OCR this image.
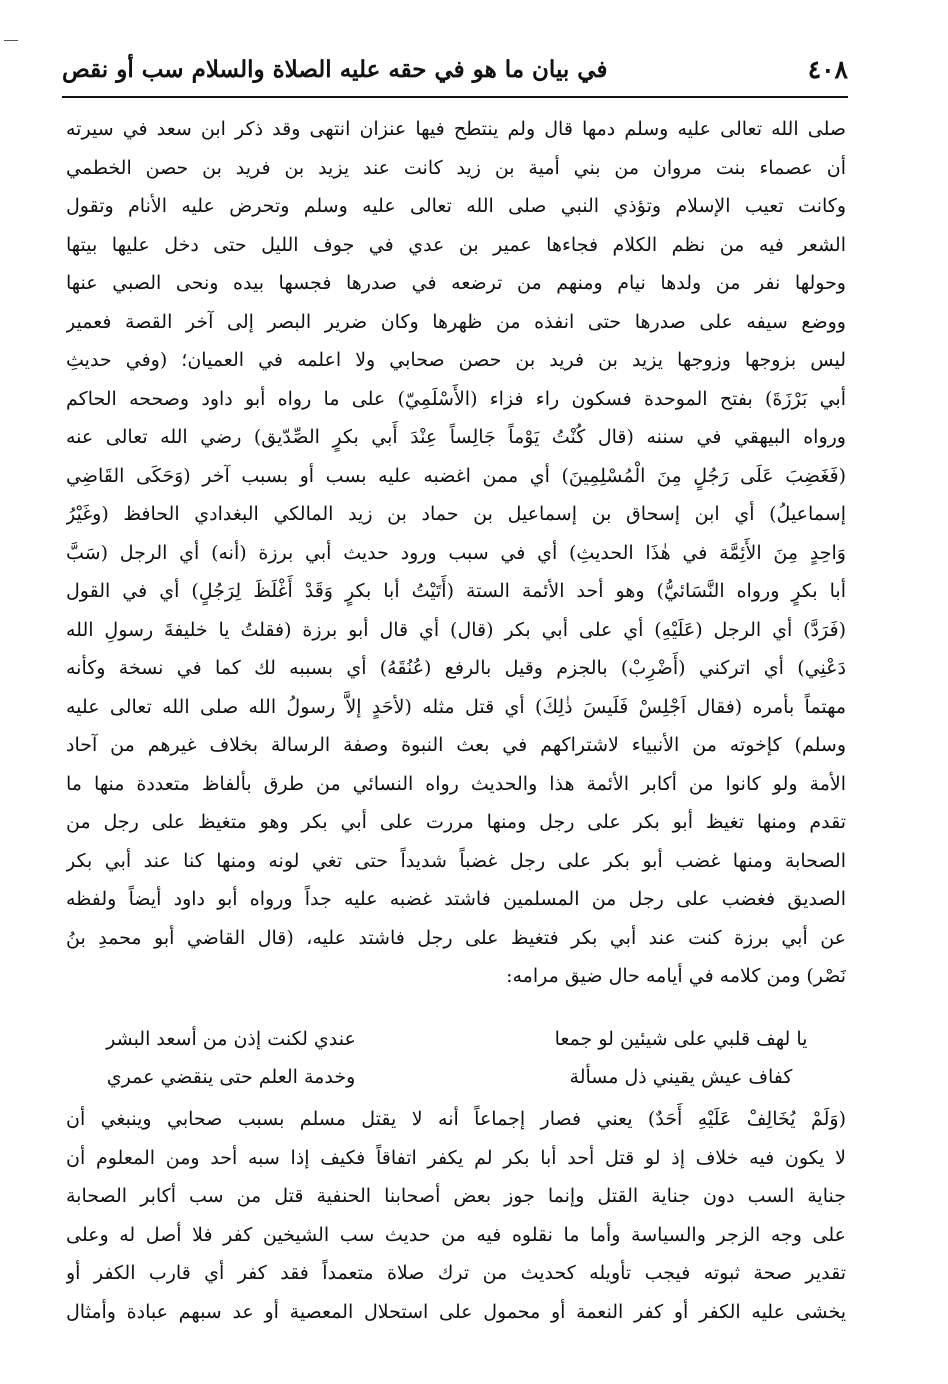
٤٠٨
في بيان ما هو في حقه عليه الصلاة والسلام سب أو نقص
صلى الله تعالى عليه وسلم دمها قال ولم ينتطح فيها عنزان انتهى وقد ذكر ابن سعد في سيرته
أن عصماء بنت مروان من بني أمية بن زيد كانت عند يزيد بن فريد بن حصن الخطمي
وكانت تعيب الإسلام وتؤذي النبي صلى الله تعالى عليه وسلم وتحرض عليه الأنام وتقول
الشعر فيه من نظم الكلام فجاءها عمير بن عدي في جوف الليل حتى دخل عليها بيتها
وحولها نفر من ولدها نيام ومنهم من ترضعه في صدرها فجسها بيده ونحى الصبي عنها
ووضع سيفه على صدرها حتى انفذه من ظهرها وكان ضرير البصر إلى آخر القصة فعمير
ليس بزوجها وزوجها يزيد بن فريد بن حصن صحابي ولا اعلمه في العميان؛ (وفي حديثِ
أبي بَرْزَةَ) بفتح الموحدة فسكون راء فزاء (الأَسْلَمِيّ) على ما رواه أبو داود وصححه الحاكم
ورواه البيهقي في سننه (قال كُنْتُ يَوْماً جَالِساً عِنْدَ أَبي بكرٍ الصِّدّيق) رضي الله تعالى عنه
(فَغَضِبَ عَلَى رَجُلٍ مِنَ الْمُسْلِمِينَ) أي ممن اغضبه عليه بسب أو بسبب آخر (وَحَكَى القَاضِي
إسماعيلُ) أي ابن إسحاق بن إسماعيل بن حماد بن زيد المالكي البغدادي الحافظ (وغَيْرُ
وَاحِدٍ مِنَ الأَئِمَّة في هٰذَا الحديثِ) أي في سبب ورود حديث أبي برزة (أنه) أي الرجل (سَبَّ
أبا بكرٍ ورواه النَّسَائيُّ) وهو أحد الأئمة الستة (أَتَيْتُ أبا بكرٍ وَقَدْ أَغْلَظَ لِرَجُلٍ) أي في القول
(فَرَدَّ) أي الرجل (عَلَيْهِ) أي على أبي بكر (قال) أي قال أبو برزة (فقلتُ يا خليفةَ رسولِ الله
دَعْنِي) أي اتركني (أَضْرِبْ) بالجزم وقيل بالرفع (عُنُقَهُ) أي بسببه لك كما في نسخة وكأنه
مهتماً بأمره (فقال اَجْلِسْ فَلَيسَ ذٰلِكَ) أي قتل مثله (لأحَدٍ إلاَّ رسولُ الله صلى الله تعالى عليه
وسلم) كإخوته من الأنبياء لاشتراكهم في بعث النبوة وصفة الرسالة بخلاف غيرهم من آحاد
الأمة ولو كانوا من أكابر الأئمة هذا والحديث رواه النسائي من طرق بألفاظ متعددة منها ما
تقدم ومنها تغيظ أبو بكر على رجل ومنها مررت على أبي بكر وهو متغيظ على رجل من
الصحابة ومنها غضب أبو بكر على رجل غضباً شديداً حتى تغي لونه ومنها كنا عند أبي بكر
الصديق فغضب على رجل من المسلمين فاشتد غضبه عليه جداً ورواه أبو داود أيضاً ولفظه
عن أبي برزة كنت عند أبي بكر فتغيظ على رجل فاشتد عليه، (قال القاضي أبو محمدِ بنُ
نَصْر) ومن كلامه في أيامه حال ضيق مرامه:
يا لهف قلبي على شيئين لو جمعا
عندي لكنت إذن من أسعد البشر
كفاف عيش يقيني ذل مسألة
وخدمة العلم حتى ينقضي عمري
(وَلَمْ يُخَالِفْ عَلَيْهِ أَحَدٌ) يعني فصار إجماعاً أنه لا يقتل مسلم بسبب صحابي وينبغي أن
لا يكون فيه خلاف إذ لو قتل أحد أبا بكر لم يكفر اتفاقاً فكيف إذا سبه أحد ومن المعلوم أن
جناية السب دون جناية القتل وإنما جوز بعض أصحابنا الحنفية قتل من سب أكابر الصحابة
على وجه الزجر والسياسة وأما ما نقلوه فيه من حديث سب الشيخين كفر فلا أصل له وعلى
تقدير صحة ثبوته فيجب تأويله كحديث من ترك صلاة متعمداً فقد كفر أي قارب الكفر أو
يخشى عليه الكفر أو كفر النعمة أو محمول على استحلال المعصية أو عد سبهم عبادة وأمثال
